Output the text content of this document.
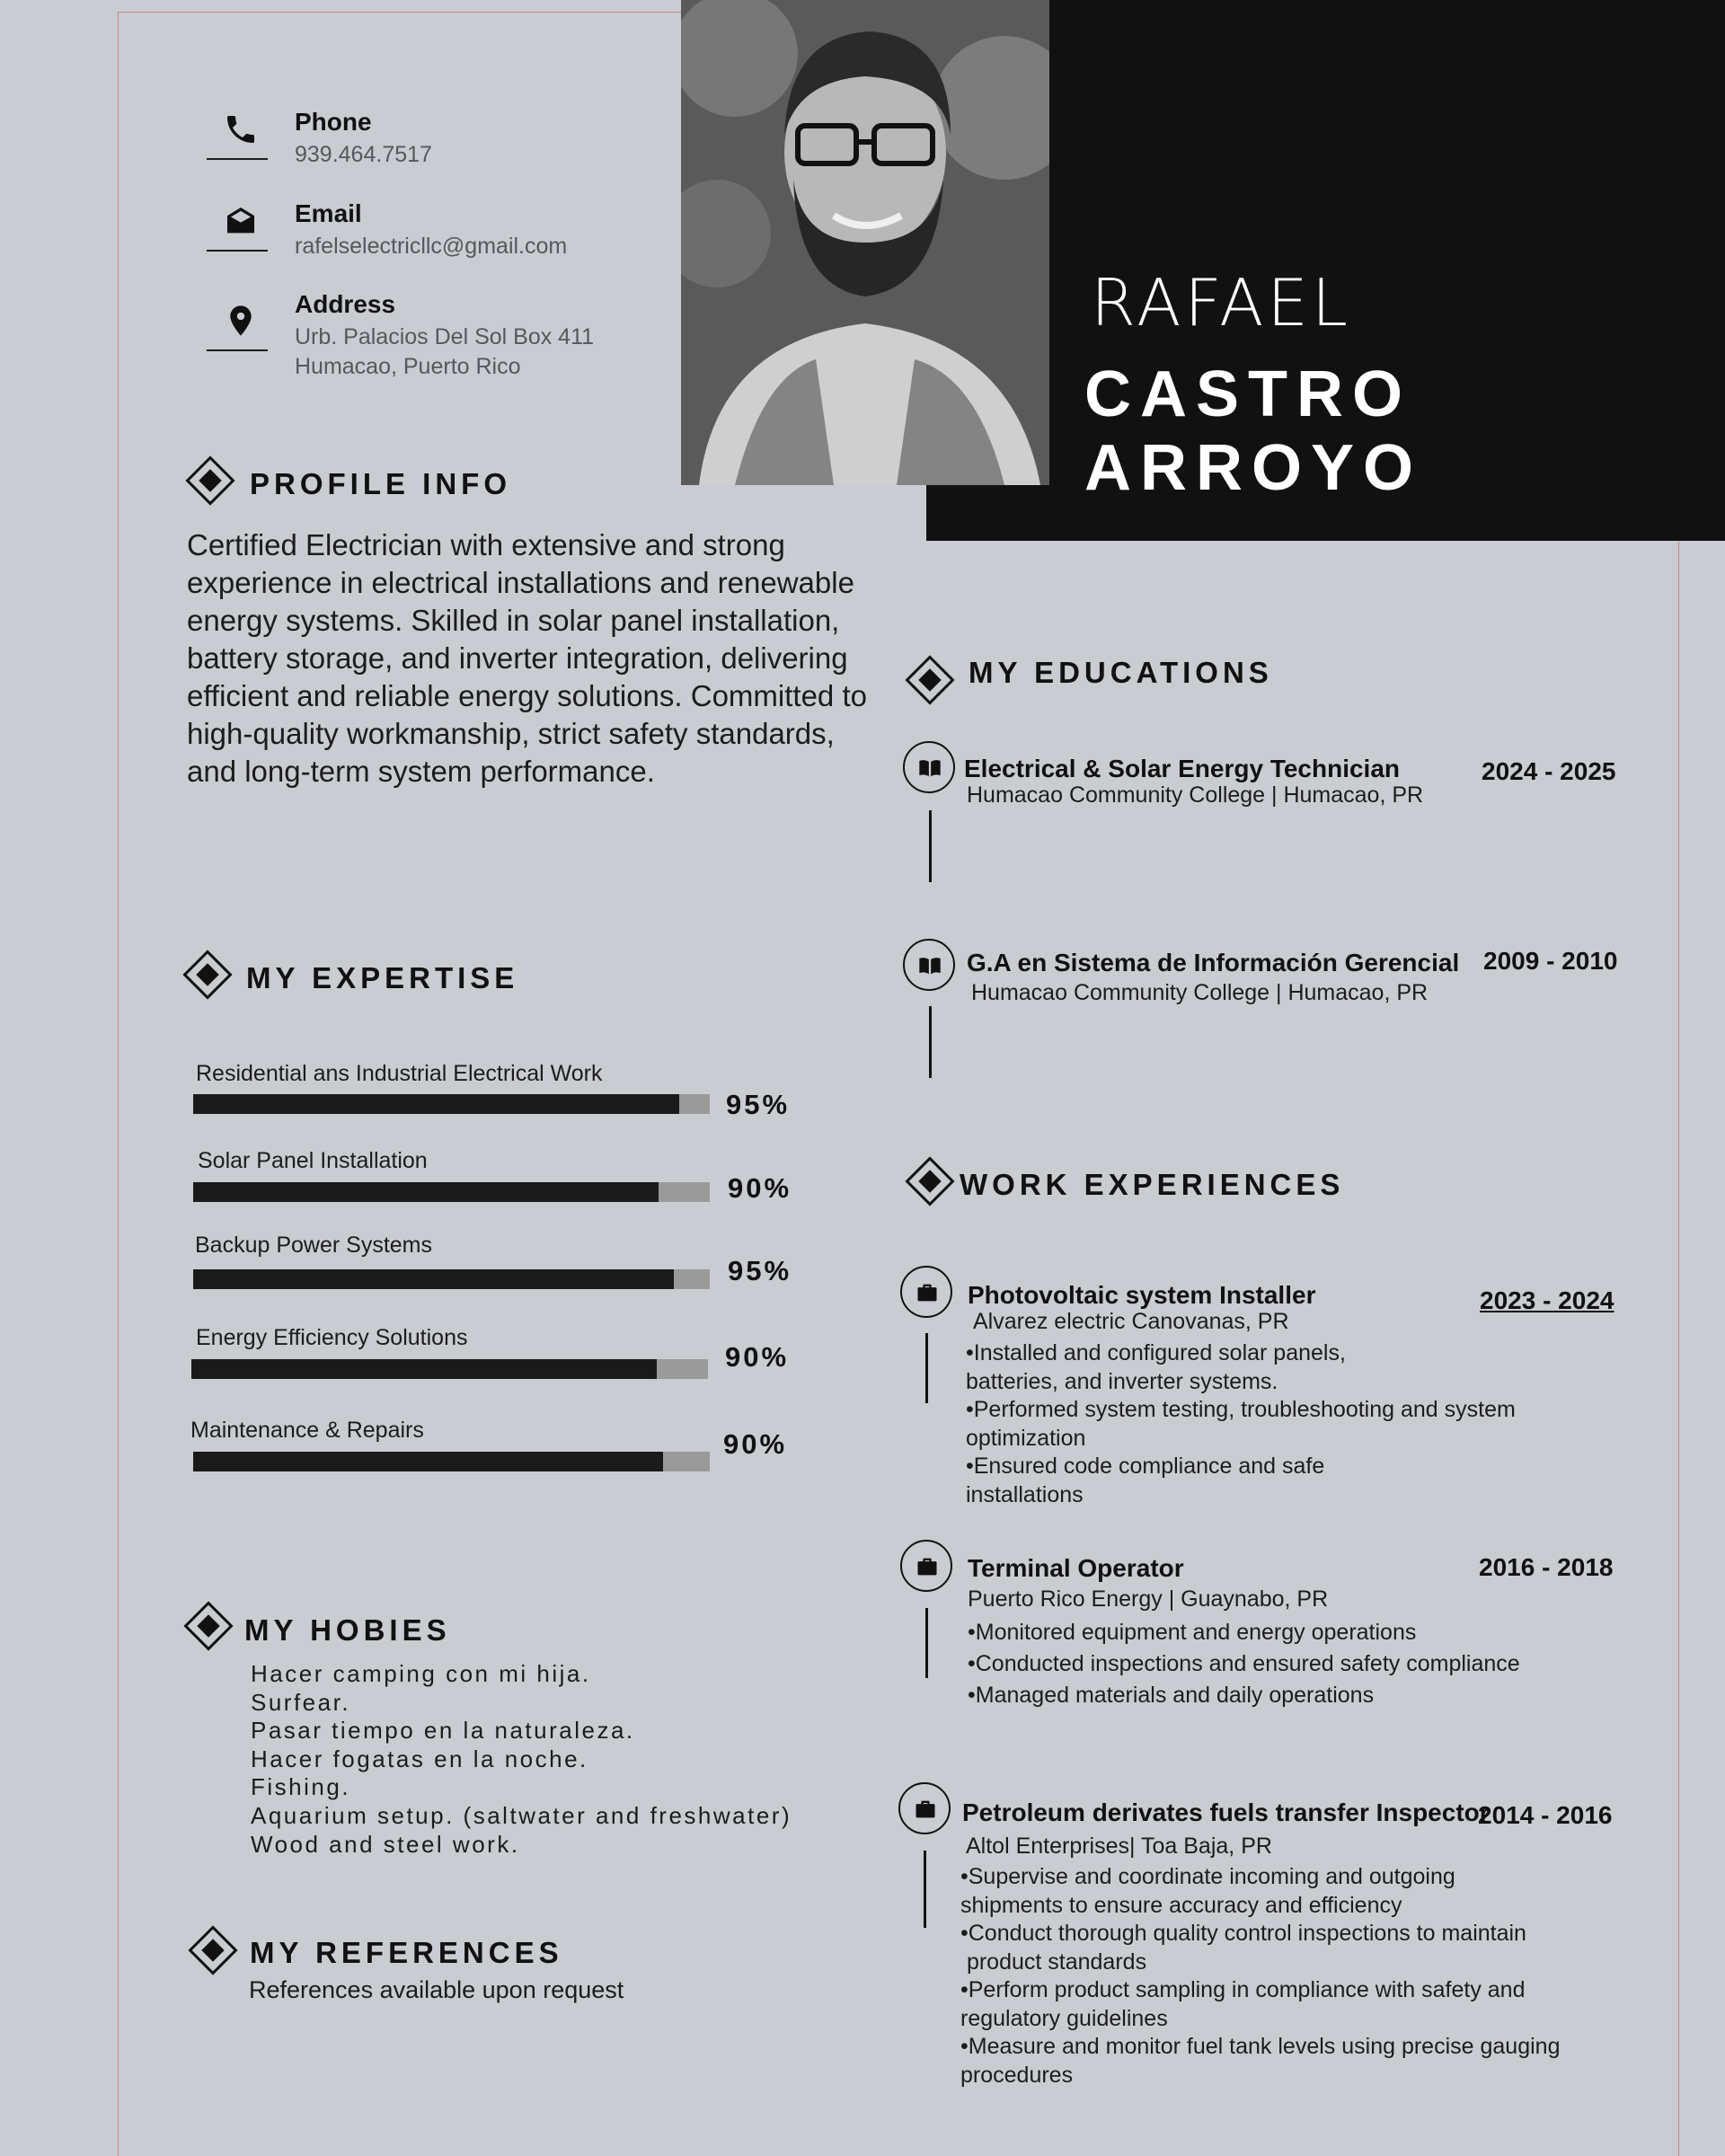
RAFAEL
CASTRO ARROYO
Phone
939.464.7517
Email
rafelselectricllc@gmail.com
Address
Urb. Palacios Del Sol Box 411
Humacao, Puerto Rico
PROFILE INFO
Certified Electrician with extensive and strong experience in electrical installations and renewable energy systems. Skilled in solar panel installation, battery storage, and inverter integration, delivering efficient and reliable energy solutions. Committed to high-quality workmanship, strict safety standards, and long-term system performance.
MY EXPERTISE
Residential ans Industrial Electrical Work
95%
Solar Panel Installation
90%
Backup Power Systems
95%
Energy Efficiency Solutions
90%
Maintenance & Repairs	90%
MY HOBIES
Hacer camping con mi hija.
Surfear.
Pasar tiempo en la naturaleza.
Hacer fogatas en la noche.
Fishing.
Aquarium setup. (saltwater and freshwater)
Wood and steel work.
MY REFERENCES
References available upon request
MY EDUCATIONS
Electrical & Solar Energy Technician
Humacao Community College | Humacao, PR
2024 - 2025
G.A en Sistema de Información Gerencial
Humacao Community College | Humacao, PR
2009 - 2010
WORK EXPERIENCES
Photovoltaic system Installer
Alvarez electric Canovanas, PR
2023 - 2024
•Installed and configured solar panels,
batteries, and inverter systems.
•Performed system testing, troubleshooting and system
optimization
•Ensured code compliance and safe
installations
Terminal Operator
Puerto Rico Energy | Guaynabo, PR
2016 - 2018
•Monitored equipment and energy operations
•Conducted inspections and ensured safety compliance
•Managed materials and daily operations
Petroleum derivates fuels transfer Inspector
Altol Enterprises| Toa Baja, PR
2014 - 2016
•Supervise and coordinate incoming and outgoing
shipments to ensure accuracy and efficiency
•Conduct thorough quality control inspections to maintain
product standards
•Perform product sampling in compliance with safety and
regulatory guidelines
•Measure and monitor fuel tank levels using precise gauging
procedures
